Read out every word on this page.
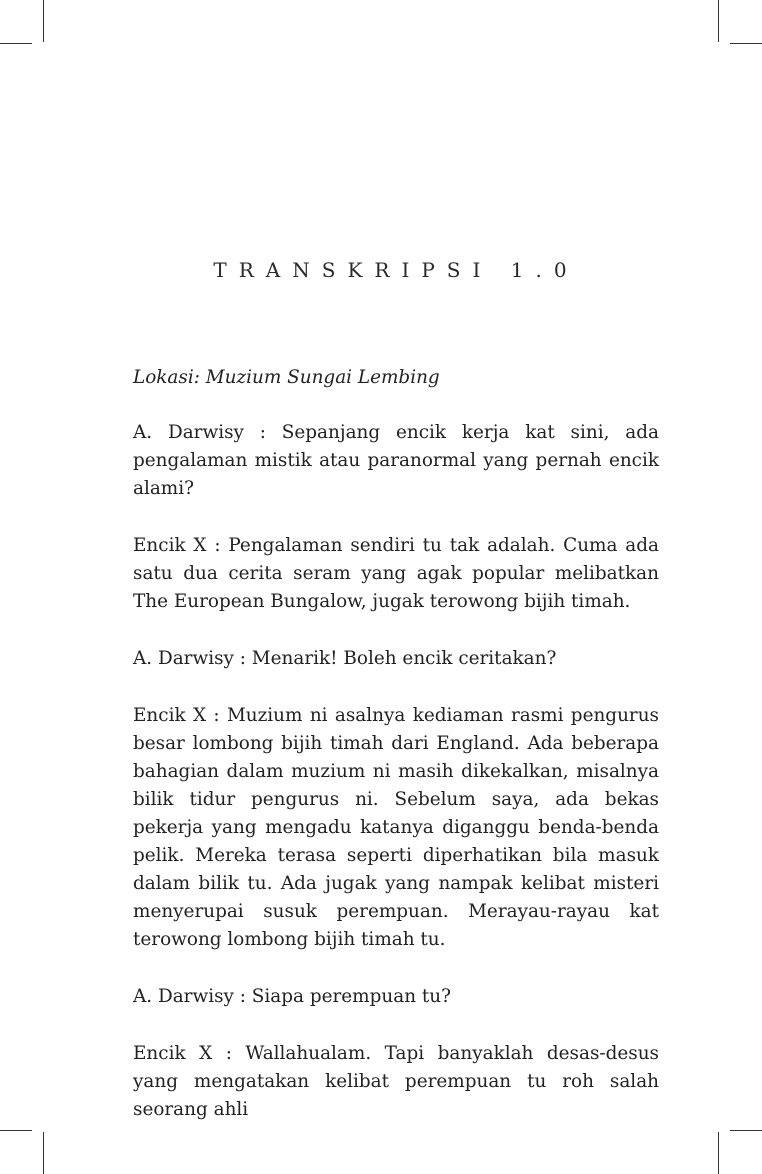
TRANSKRIPSI 1.0

Lokasi: Muzium Sungai Lembing

A. Darwisy : Sepanjang encik kerja kat sini, ada pengalaman mistik atau paranormal yang pernah encik alami?

Encik X : Pengalaman sendiri tu tak adalah. Cuma ada satu dua cerita seram yang agak popular melibatkan The European Bungalow, jugak terowong bijih timah.

A. Darwisy : Menarik! Boleh encik ceritakan?

Encik X : Muzium ni asalnya kediaman rasmi pengurus besar lombong bijih timah dari England. Ada beberapa bahagian dalam muzium ni masih dikekalkan, misalnya bilik tidur pengurus ni. Sebelum saya, ada bekas pekerja yang mengadu katanya diganggu benda-benda pelik. Mereka terasa seperti diperhatikan bila masuk dalam bilik tu. Ada jugak yang nampak kelibat misteri menyerupai susuk perempuan. Merayau-rayau kat terowong lombong bijih timah tu.

A. Darwisy : Siapa perempuan tu?

Encik X : Wallahualam. Tapi banyaklah desas-desus yang mengatakan kelibat perempuan tu roh salah seorang ahli
